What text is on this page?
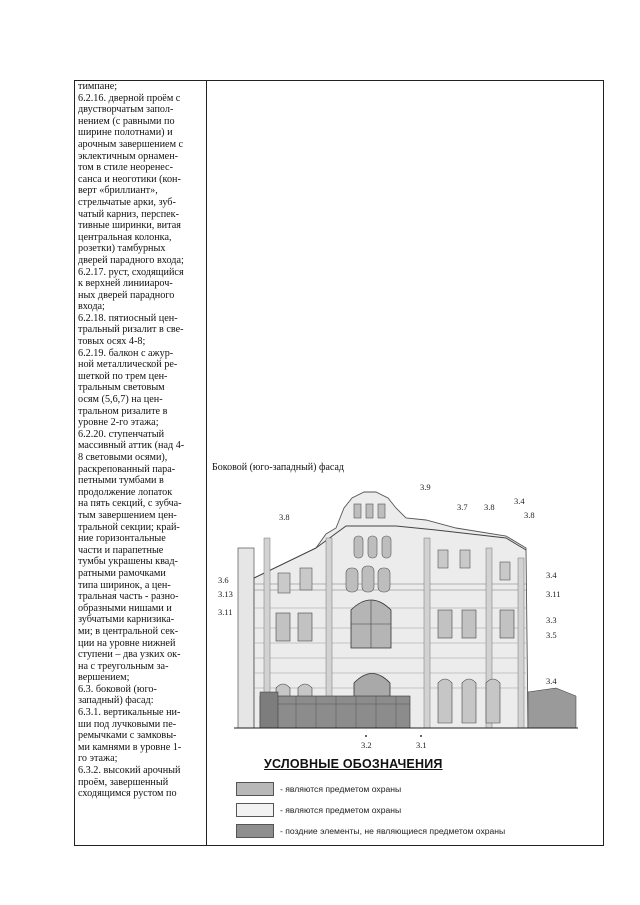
тимпане;

6.2.16. дверной проём с

двустворчатым запол-

нением (с равными по

ширине полотнами) и

арочным завершением с

эклектичным орнамен-

том в стиле неоренес-

санса и неоготики (кон-

верт «бриллиант»,

стрельчатые арки, зуб-

чатый карниз, перспек-

тивные ширинки, витая

центральная колонка,

розетки) тамбурных

дверей парадного входа;

6.2.17. руст, сходящийся

к верхней линииароч-

ных дверей парадного

входа;

6.2.18. пятиосный цен-

тральный ризалит в све-

товых осях 4-8;

6.2.19. балкон с ажур-

ной металлической ре-

шеткой по трем цен-

тральным световым

осям (5,6,7) на цен-

тральном ризалите в

уровне 2-го этажа;

6.2.20. ступенчатый

массивный аттик (над 4-

8 световыми осями),

раскрепованный пара-

петными тумбами в

продолжение лопаток

на пять секций, с зубча-

тым завершением цен-

тральной секции; край-

ние горизонтальные

части и парапетные

тумбы украшены квад-

ратными рамочками

типа ширинок, а цен-

тральная часть - разно-

образными нишами и

зубчатыми карнизика-

ми; в центральной сек-

ции на уровне нижней

ступени – два узких ок-

на с треугольным за-

вершением;

6.3. боковой (юго-

западный) фасад:

6.3.1. вертикальные ни-

ши под лучковыми пе-

ремычками с замковы-

ми камнями в уровне 1-

го этажа;

6.3.2. высокий арочный

проём, завершенный

сходящимся рустом по

Боковой (юго-западный) фасад
3.9
3.7 3.8
3.4
3.8
3.8
3.6
3.13
3.11
3.4
3.11
3.3
3.5
3.4
3.2	3.1
УСЛОВНЫЕ ОБОЗНАЧЕНИЯ
- являются предметом охраны
- являются предметом охраны
- поздние элементы, не являющиеся предметом охраны
